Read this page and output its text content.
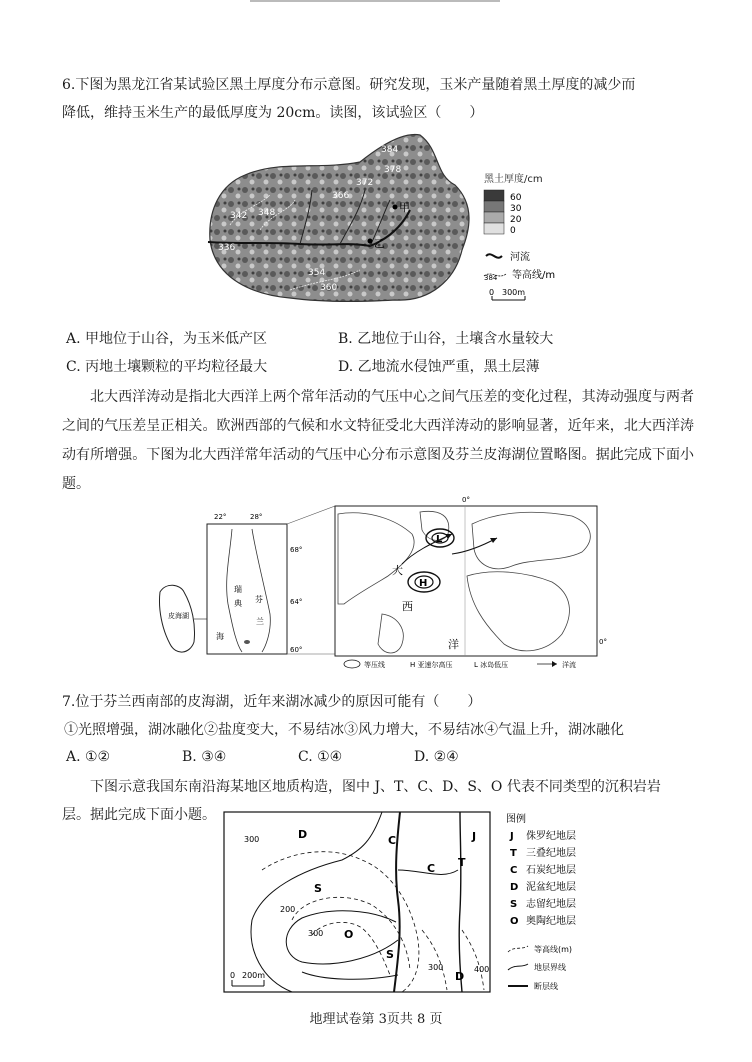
6.下图为黑龙江省某试验区黑土厚度分布示意图。研究发现，玉米产量随着黑土厚度的减少而
降低，维持玉米生产的最低厚度为 20cm。读图，该试验区（　　）
384
378
372
366
348
342
336
354
360
甲
乙
黑土厚度/cm
60
30
20
0
河流
384 等高线/m
0 300m
A. 甲地位于山谷，为玉米低产区	B. 乙地位于山谷，土壤含水量较大
C. 丙地土壤颗粒的平均粒径最大	D. 乙地流水侵蚀严重，黑土层薄
北大西洋涛动是指北大西洋上两个常年活动的气压中心之间气压差的变化过程，其涛动强度与两者之间的气压差呈正相关。欧洲西部的气候和水文特征受北大西洋涛动的影响显著，近年来，北大西洋涛动有所增强。下图为北大西洋常年活动的气压中心分布示意图及芬兰皮海湖位置略图。据此完成下面小题。
22°	28°
68°
64°
60°
瑞
典 芬
兰
海
皮海湖
0°
0°
L
H
大
西
洋
等压线	H 亚速尔高压	L 冰岛低压	洋流
7.位于芬兰西南部的皮海湖，近年来湖冰减少的原因可能有（　　）
①光照增强，湖冰融化②盐度变大，不易结冰③风力增大，不易结冰④气温上升，湖冰融化
A. ①②	B. ③④	C. ①④	D. ②④
下图示意我国东南沿海某地区地质构造，图中 J、T、C、D、S、O 代表不同类型的沉积岩岩
层。据此完成下面小题。
D	C	J
C T
S
O
S
D
300
200
300
300	400
0 200m
图例
J 侏罗纪地层
T 三叠纪地层
C 石炭纪地层
D 泥盆纪地层
S 志留纪地层
O 奥陶纪地层
等高线(m)
地层界线
断层线
地理试卷第 3页共 8 页
